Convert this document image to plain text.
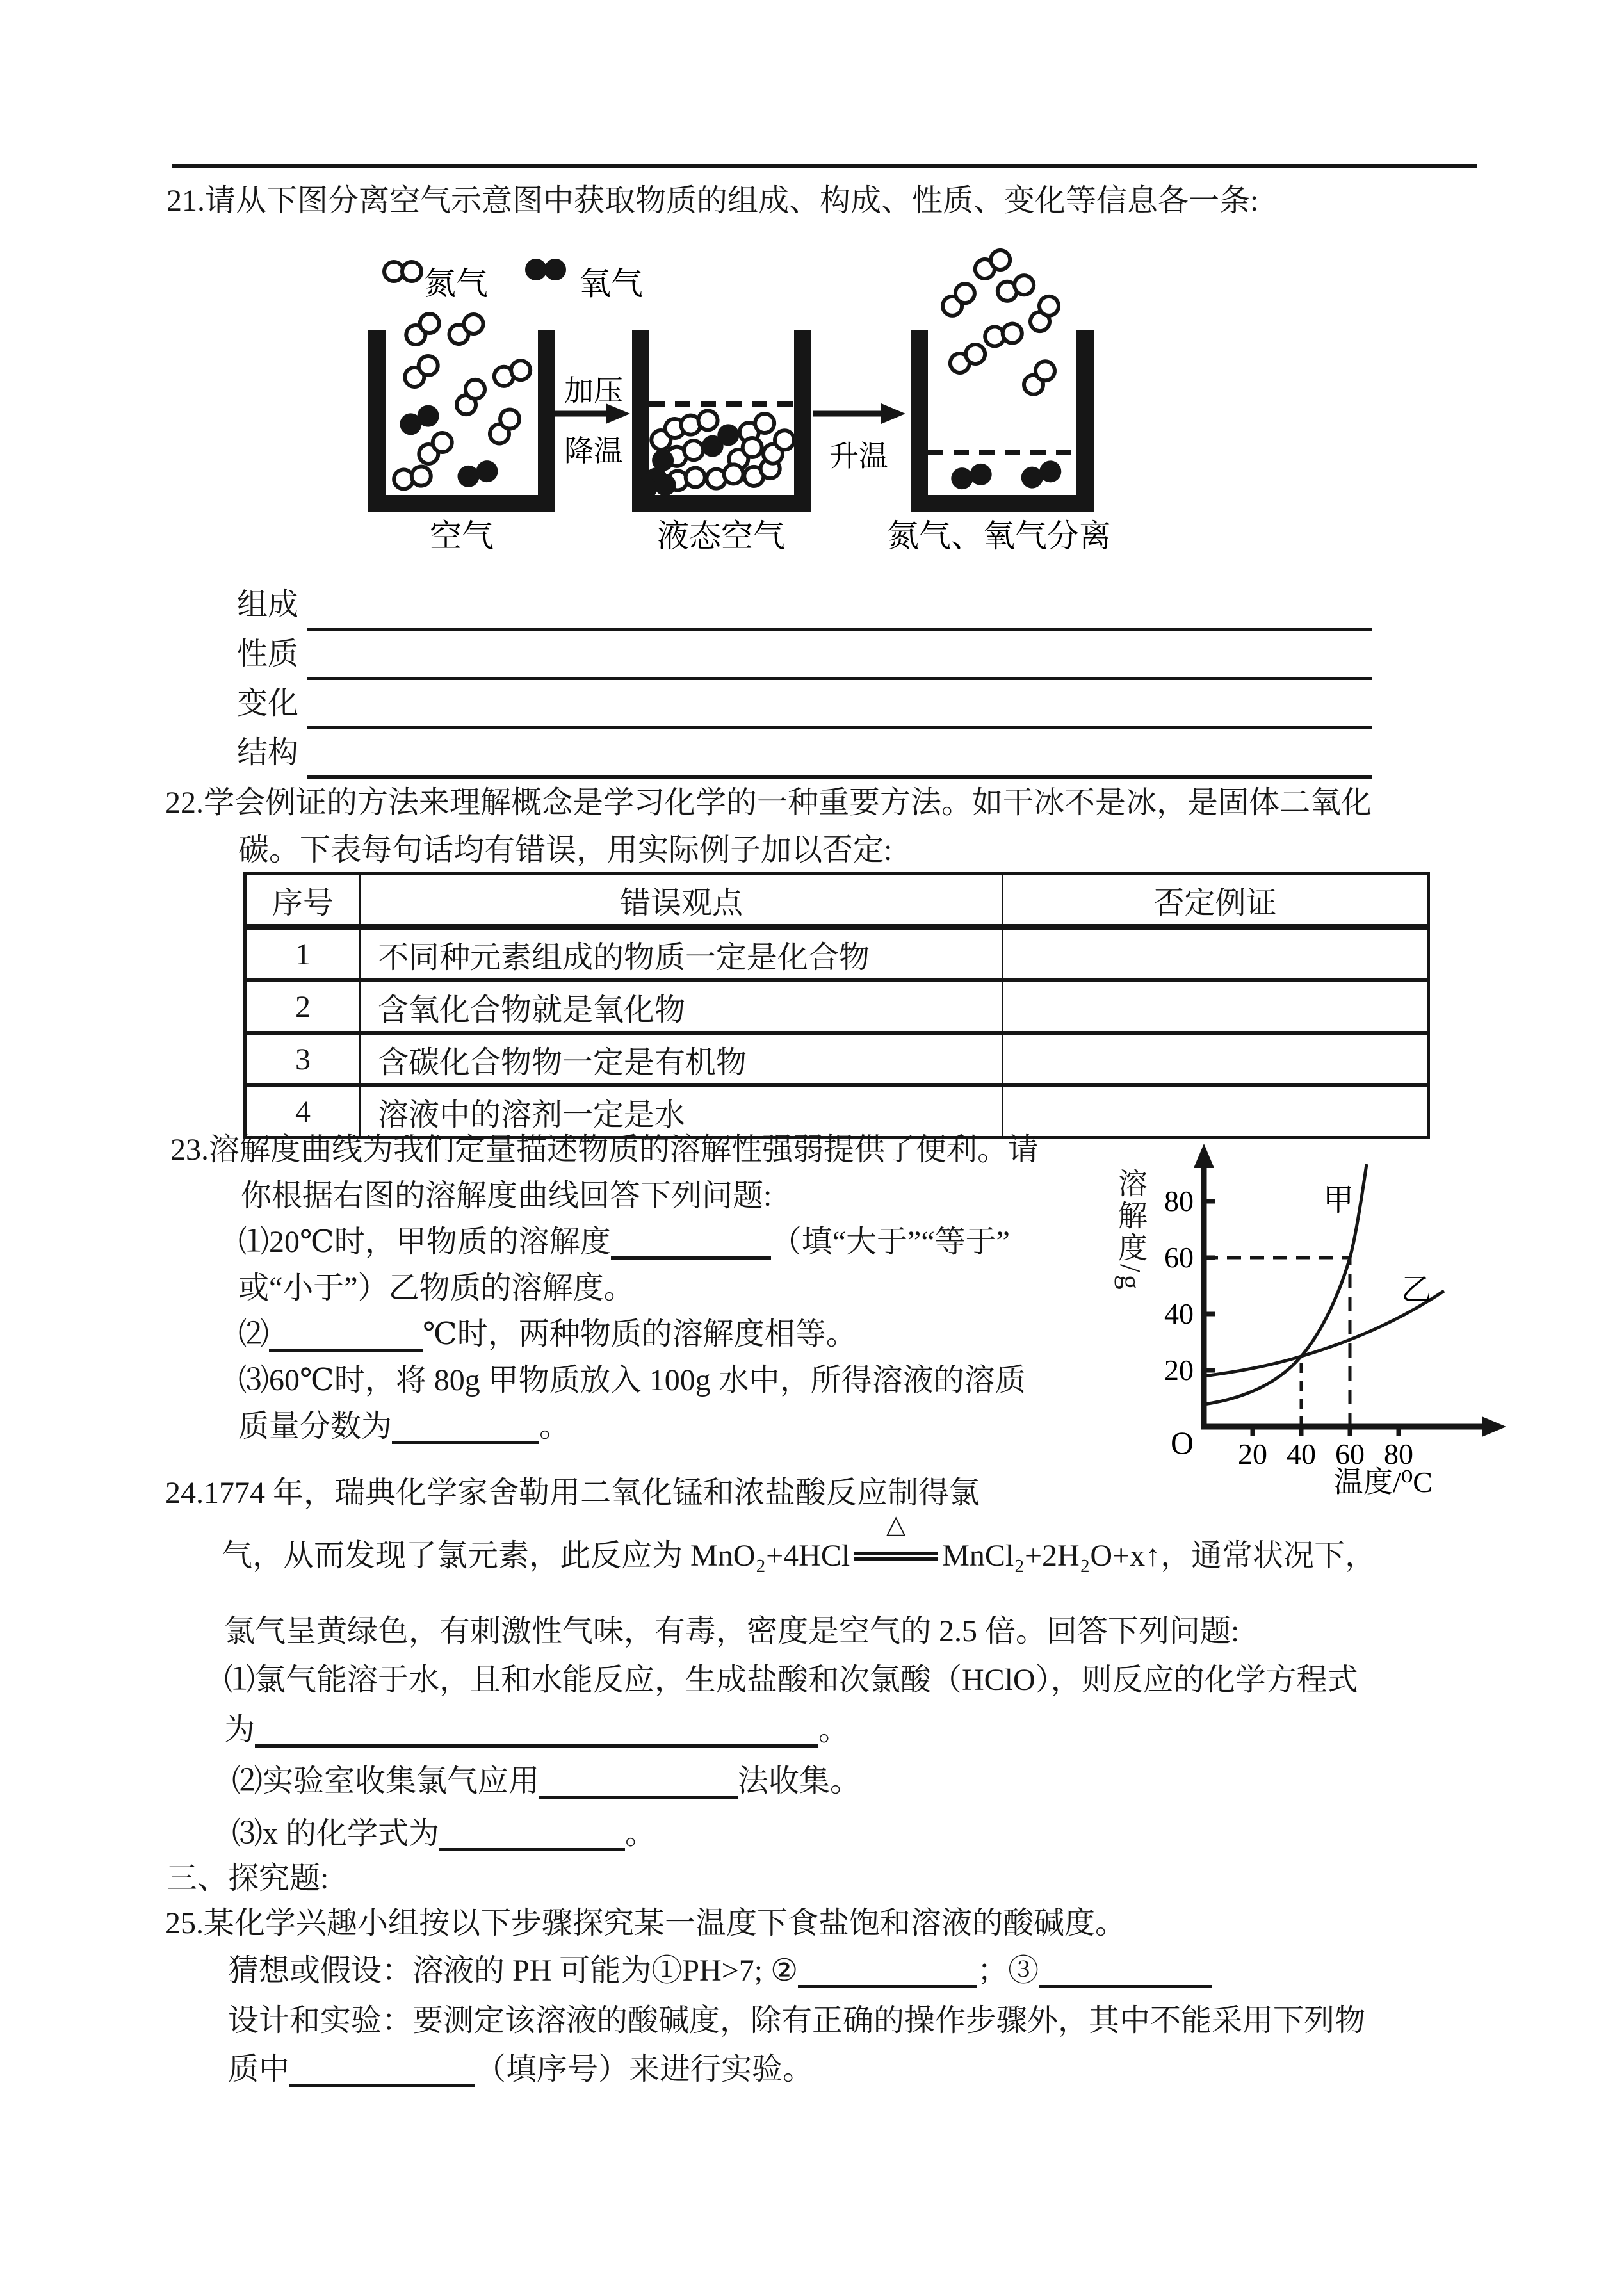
21.请从下图分离空气示意图中获取物质的组成、构成、性质、变化等信息各一条:

氮气	氧气
加压
降温	升温
空气	液态空气	氮气、氧气分离
组成
性质
变化
结构

22.学会例证的方法来理解概念是学习化学的一种重要方法。如干冰不是冰，是固体二氧化

碳。下表每句话均有错误，用实际例子加以否定:

序号	错误观点	否定例证
1	不同种元素组成的物质一定是化合物	
2	含氧化合物就是氧化物	
3	含碳化合物物一定是有机物	
4	溶液中的溶剂一定是水	

23.溶解度曲线为我们定量描述物质的溶解性强弱提供了便利。请

你根据右图的溶解度曲线回答下列问题:

⑴20℃时，甲物质的溶解度	（填“大于”“等于”

或“小于”）乙物质的溶解度。

⑵	℃时，两种物质的溶解度相等。

⑶60℃时，将 80g 甲物质放入 100g 水中，所得溶液的溶质

质量分数为	。

溶解度/g 80
60
40
20
20 40 60 80
甲
乙
O
温度/⁰C

24.1774 年，瑞典化学家舍勒用二氧化锰和浓盐酸反应制得氯

气，从而发现了氯元素，此反应为 MnO₂+4HCl
△
MnCl₂+2H₂O+x↑，通常状况下，

氯气呈黄绿色，有刺激性气味，有毒，密度是空气的 2.5 倍。回答下列问题:

⑴氯气能溶于水，且和水能反应，生成盐酸和次氯酸（HClO），则反应的化学方程式

为	。

⑵实验室收集氯气应用	法收集。

⑶x 的化学式为	。

三、探究题:

25.某化学兴趣小组按以下步骤探究某一温度下食盐饱和溶液的酸碱度。

猜想或假设：溶液的 PH 可能为①PH>7; ②	；③

设计和实验：要测定该溶液的酸碱度，除有正确的操作步骤外，其中不能采用下列物

质中	（填序号）来进行实验。
